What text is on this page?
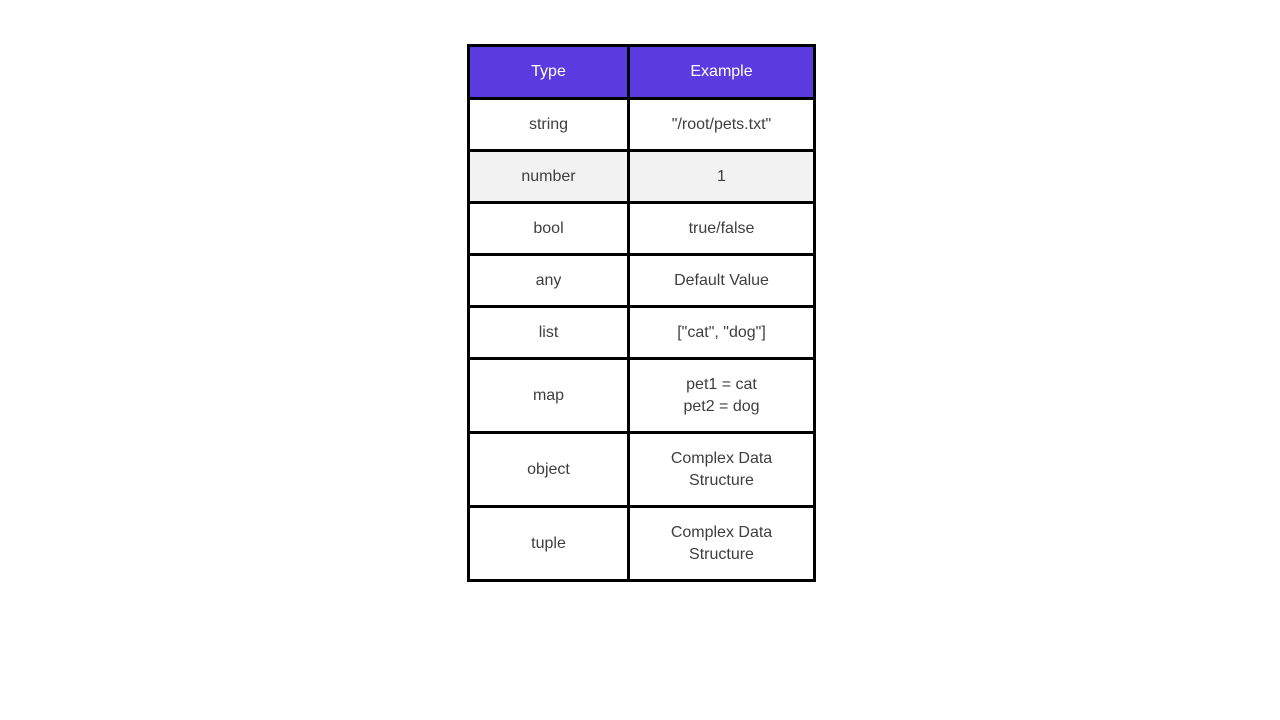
Type	Example
string	"/root/pets.txt"

number	1

bool	true/false

any	Default Value

list	["cat", "dog"]

map	pet1 = cat
pet2 = dog

object	Complex Data
Structure

tuple	Complex Data
Structure
